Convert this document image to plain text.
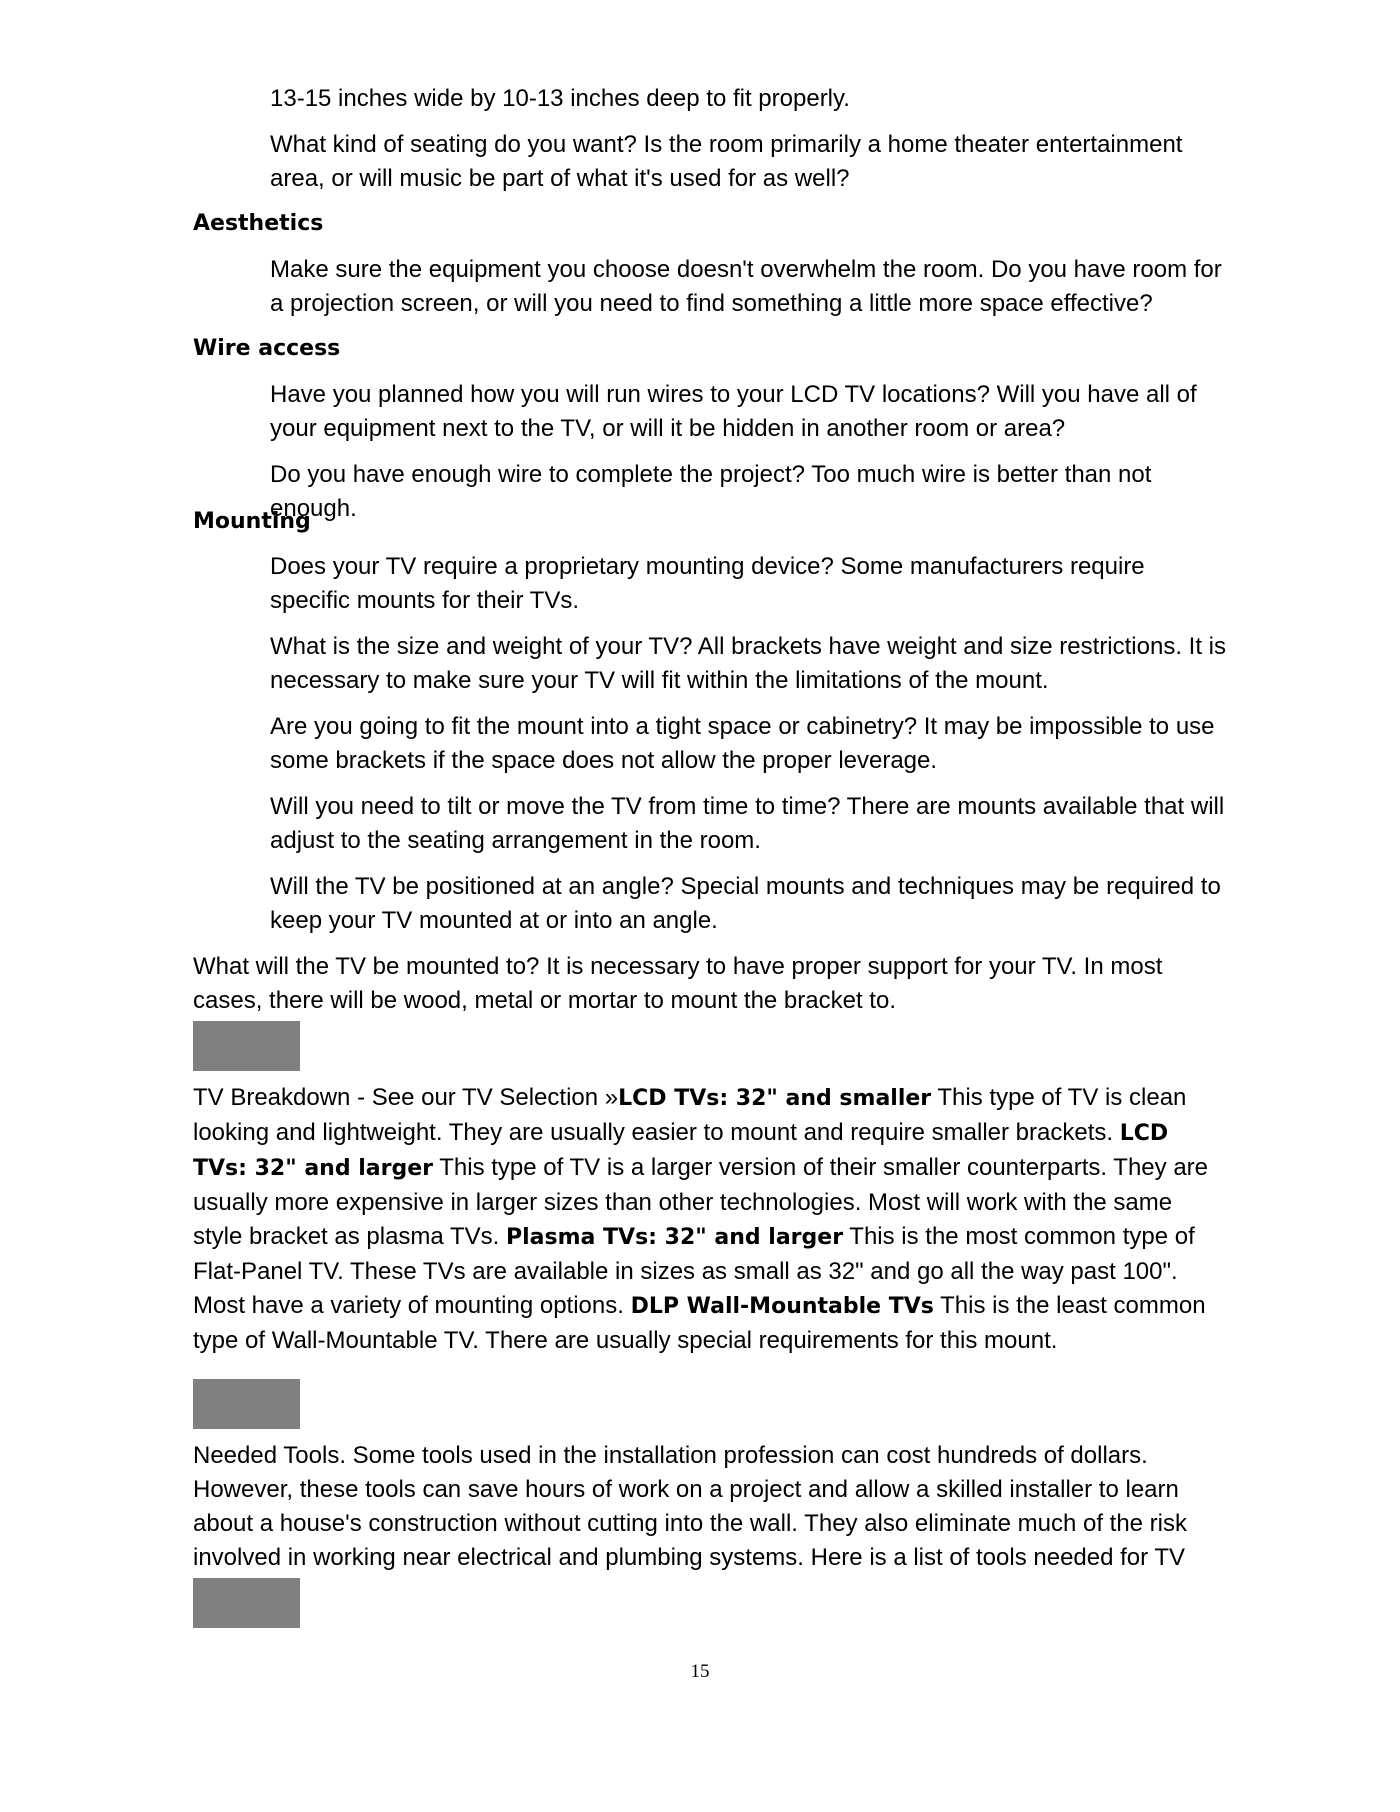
13-15 inches wide by 10-13 inches deep to fit properly.

What kind of seating do you want? Is the room primarily a home theater entertainment area, or will music be part of what it's used for as well?

Aesthetics

Make sure the equipment you choose doesn't overwhelm the room. Do you have room for a projection screen, or will you need to find something a little more space effective?

Wire access

Have you planned how you will run wires to your LCD TV locations? Will you have all of your equipment next to the TV, or will it be hidden in another room or area?

Do you have enough wire to complete the project? Too much wire is better than not enough.

Mounting

Does your TV require a proprietary mounting device? Some manufacturers require specific mounts for their TVs.

What is the size and weight of your TV? All brackets have weight and size restrictions. It is necessary to make sure your TV will fit within the limitations of the mount.

Are you going to fit the mount into a tight space or cabinetry? It may be impossible to use some brackets if the space does not allow the proper leverage.

Will you need to tilt or move the TV from time to time? There are mounts available that will adjust to the seating arrangement in the room.

Will the TV be positioned at an angle? Special mounts and techniques may be required to keep your TV mounted at or into an angle.

What will the TV be mounted to? It is necessary to have proper support for your TV. In most cases, there will be wood, metal or mortar to mount the bracket to.

TV Breakdown - See our TV Selection »LCD TVs: 32" and smaller This type of TV is clean looking and lightweight. They are usually easier to mount and require smaller brackets. LCD TVs: 32" and larger This type of TV is a larger version of their smaller counterparts. They are usually more expensive in larger sizes than other technologies. Most will work with the same style bracket as plasma TVs. Plasma TVs: 32" and larger This is the most common type of Flat-Panel TV. These TVs are available in sizes as small as 32" and go all the way past 100". Most have a variety of mounting options. DLP Wall-Mountable TVs This is the least common type of Wall-Mountable TV. There are usually special requirements for this mount.

Needed Tools. Some tools used in the installation profession can cost hundreds of dollars. However, these tools can save hours of work on a project and allow a skilled installer to learn about a house's construction without cutting into the wall. They also eliminate much of the risk involved in working near electrical and plumbing systems. Here is a list of tools needed for TV

15
